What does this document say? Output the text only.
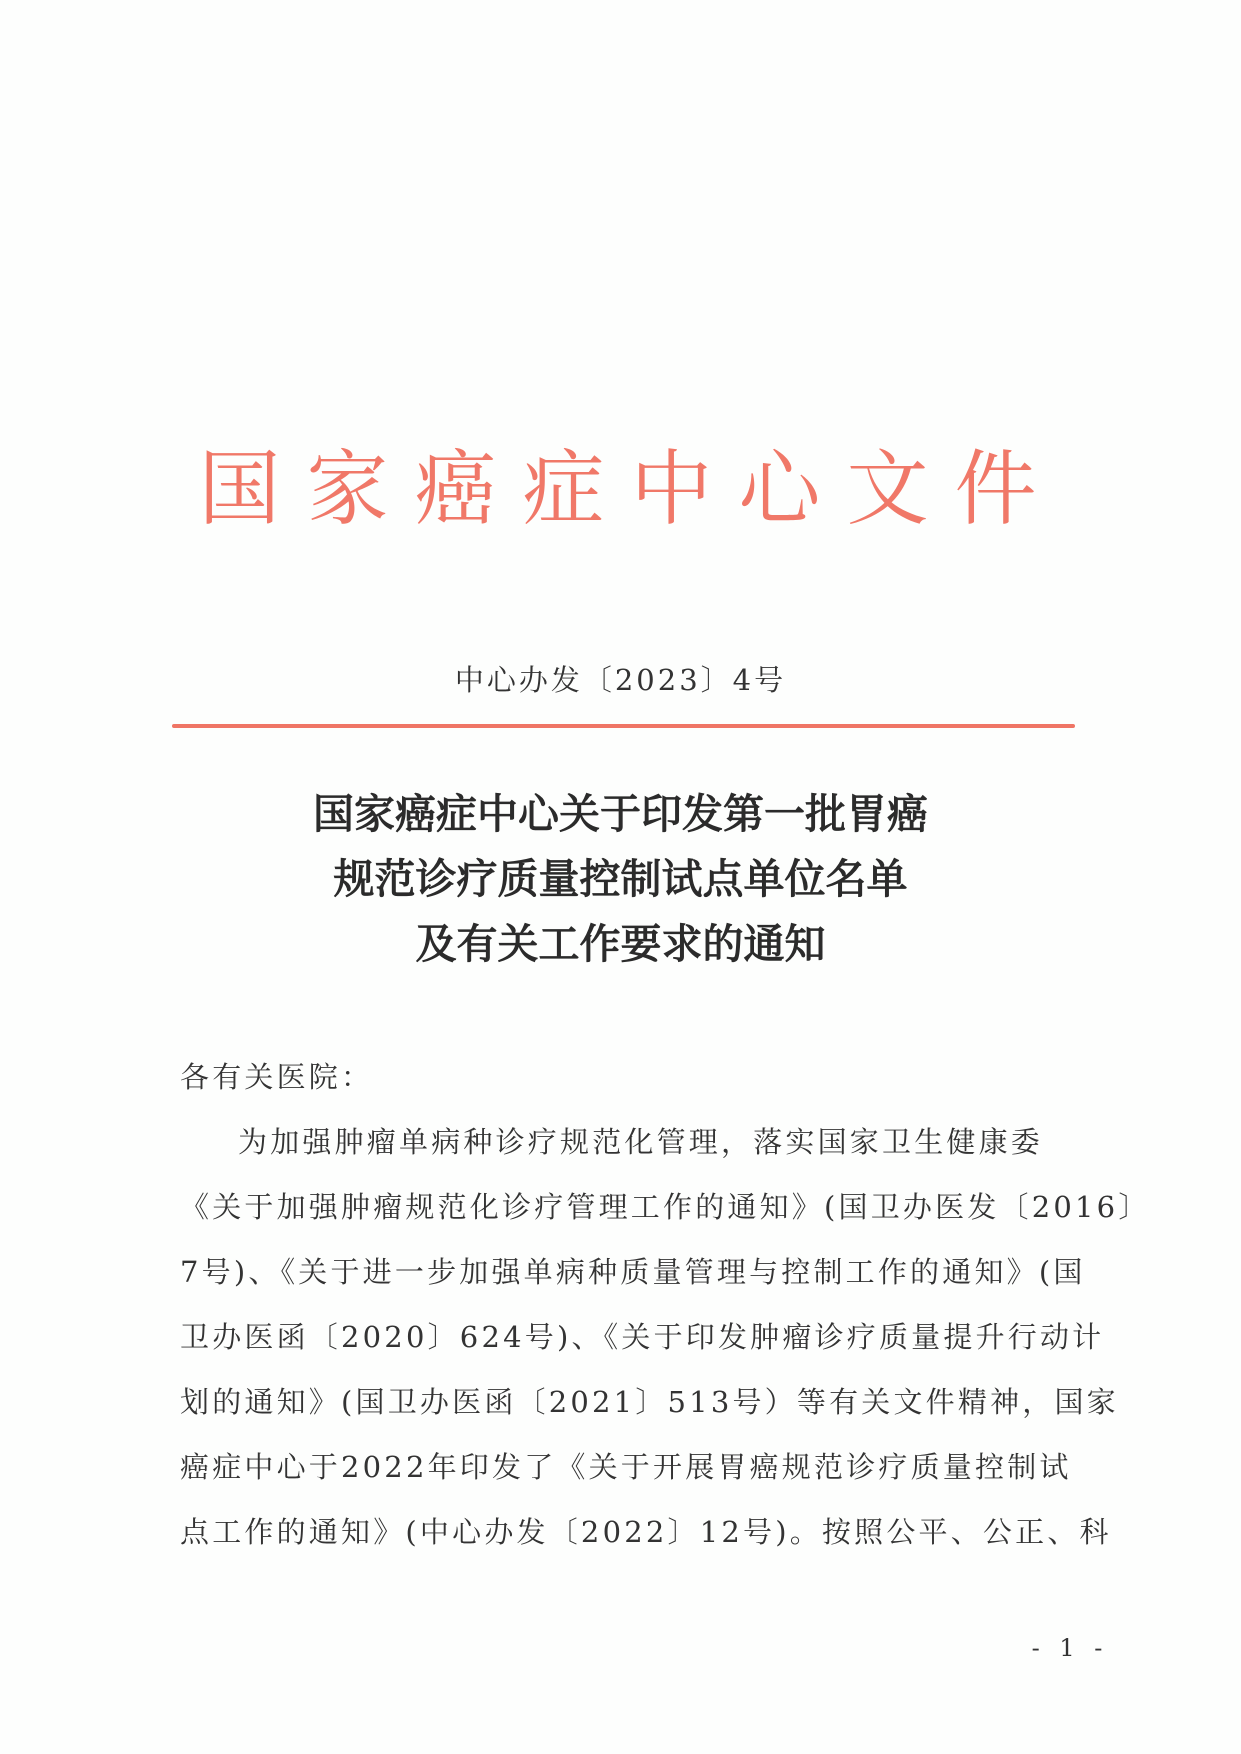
国家癌症中心文件
中心办发〔2023〕4号
国家癌症中心关于印发第一批胃癌
规范诊疗质量控制试点单位名单
及有关工作要求的通知
各有关医院：
为加强肿瘤单病种诊疗规范化管理，落实国家卫生健康委
《关于加强肿瘤规范化诊疗管理工作的通知》(国卫办医发〔2016〕
7号)、《关于进一步加强单病种质量管理与控制工作的通知》(国
卫办医函〔2020〕624号)、《关于印发肿瘤诊疗质量提升行动计
划的通知》(国卫办医函〔2021〕513号）等有关文件精神，国家
癌症中心于2022年印发了《关于开展胃癌规范诊疗质量控制试
点工作的通知》(中心办发〔2022〕12号)。按照公平、公正、科
- 1 -
